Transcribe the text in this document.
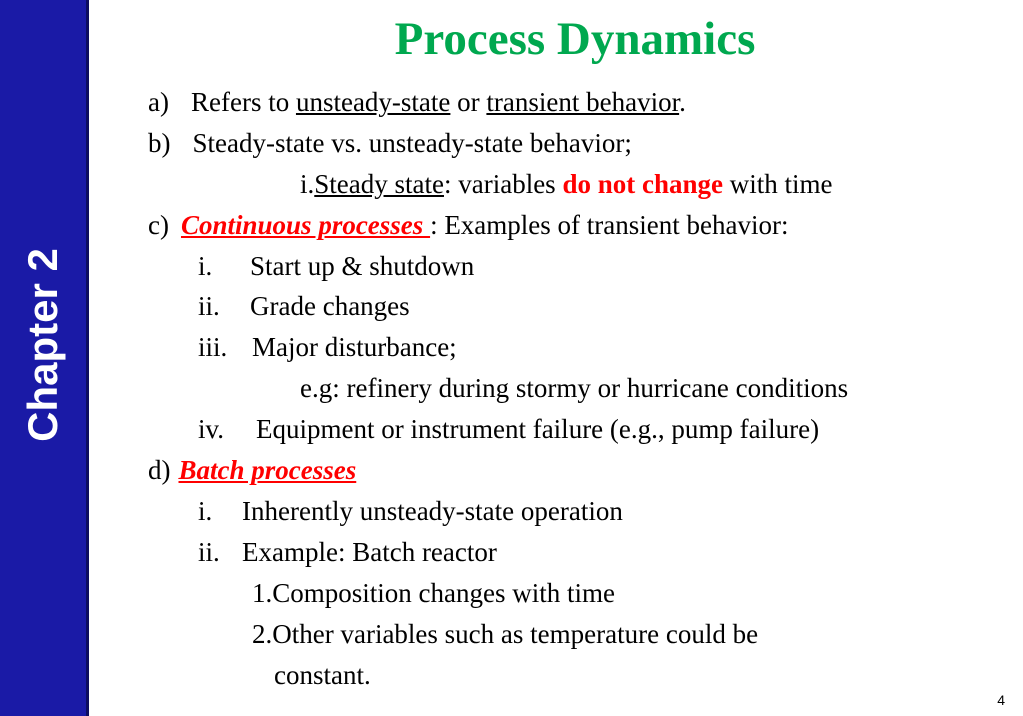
Chapter 2
Process Dynamics
a) Refers to unsteady-state or transient behavior.
b) Steady-state vs. unsteady-state behavior;
i.Steady state: variables do not change with time
c) Continuous processes : Examples of transient behavior:
i. Start up & shutdown
ii. Grade changes
iii. Major disturbance;
e.g: refinery during stormy or hurricane conditions
iv. Equipment or instrument failure (e.g., pump failure)
d) Batch processes
i. Inherently unsteady-state operation
ii. Example: Batch reactor
1.Composition changes with time
2.Other variables such as temperature could be
constant.
4
